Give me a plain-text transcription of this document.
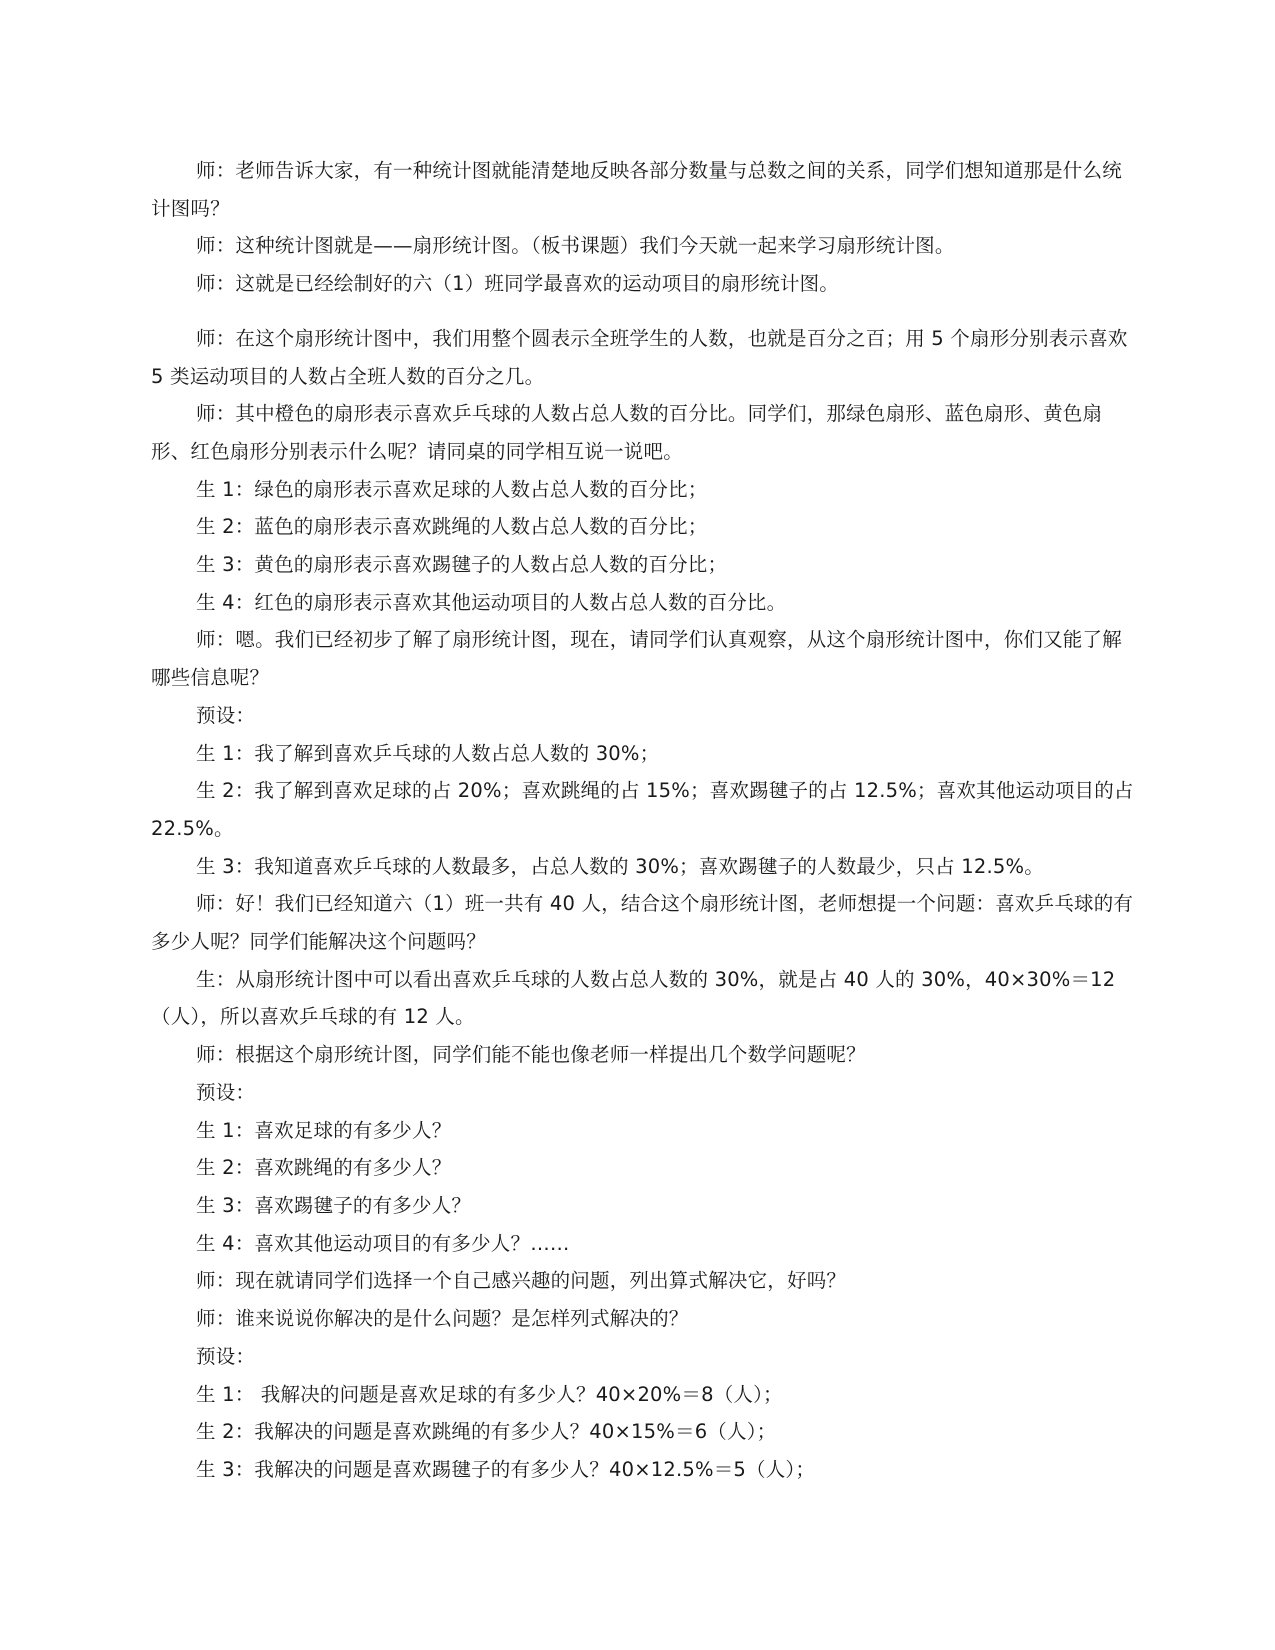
师：老师告诉大家，有一种统计图就能清楚地反映各部分数量与总数之间的关系，同学们想知道那是什么统计图吗？

师：这种统计图就是——扇形统计图。（板书课题）我们今天就一起来学习扇形统计图。

师：这就是已经绘制好的六（1）班同学最喜欢的运动项目的扇形统计图。

师：在这个扇形统计图中，我们用整个圆表示全班学生的人数，也就是百分之百；用 5 个扇形分别表示喜欢 5 类运动项目的人数占全班人数的百分之几。

师：其中橙色的扇形表示喜欢乒乓球的人数占总人数的百分比。同学们，那绿色扇形、蓝色扇形、黄色扇形、红色扇形分别表示什么呢？请同桌的同学相互说一说吧。

生 1：绿色的扇形表示喜欢足球的人数占总人数的百分比；

生 2：蓝色的扇形表示喜欢跳绳的人数占总人数的百分比；

生 3：黄色的扇形表示喜欢踢毽子的人数占总人数的百分比；

生 4：红色的扇形表示喜欢其他运动项目的人数占总人数的百分比。

师：嗯。我们已经初步了解了扇形统计图，现在，请同学们认真观察，从这个扇形统计图中，你们又能了解哪些信息呢？

预设：

生 1：我了解到喜欢乒乓球的人数占总人数的 30%；

生 2：我了解到喜欢足球的占 20%；喜欢跳绳的占 15%；喜欢踢毽子的占 12.5%；喜欢其他运动项目的占 22.5%。

生 3：我知道喜欢乒乓球的人数最多，占总人数的 30%；喜欢踢毽子的人数最少，只占 12.5%。

师：好！我们已经知道六（1）班一共有 40 人，结合这个扇形统计图，老师想提一个问题：喜欢乒乓球的有多少人呢？同学们能解决这个问题吗？

生：从扇形统计图中可以看出喜欢乒乓球的人数占总人数的 30%，就是占 40 人的 30%，40×30%＝12（人），所以喜欢乒乓球的有 12 人。

师：根据这个扇形统计图，同学们能不能也像老师一样提出几个数学问题呢？

预设：

生 1：喜欢足球的有多少人？

生 2：喜欢跳绳的有多少人？

生 3：喜欢踢毽子的有多少人？

生 4：喜欢其他运动项目的有多少人？……

师：现在就请同学们选择一个自己感兴趣的问题，列出算式解决它，好吗？

师：谁来说说你解决的是什么问题？是怎样列式解决的？

预设：

生 1： 我解决的问题是喜欢足球的有多少人？40×20%＝8（人）；

生 2：我解决的问题是喜欢跳绳的有多少人？40×15%＝6（人）；

生 3：我解决的问题是喜欢踢毽子的有多少人？40×12.5%＝5（人）；
